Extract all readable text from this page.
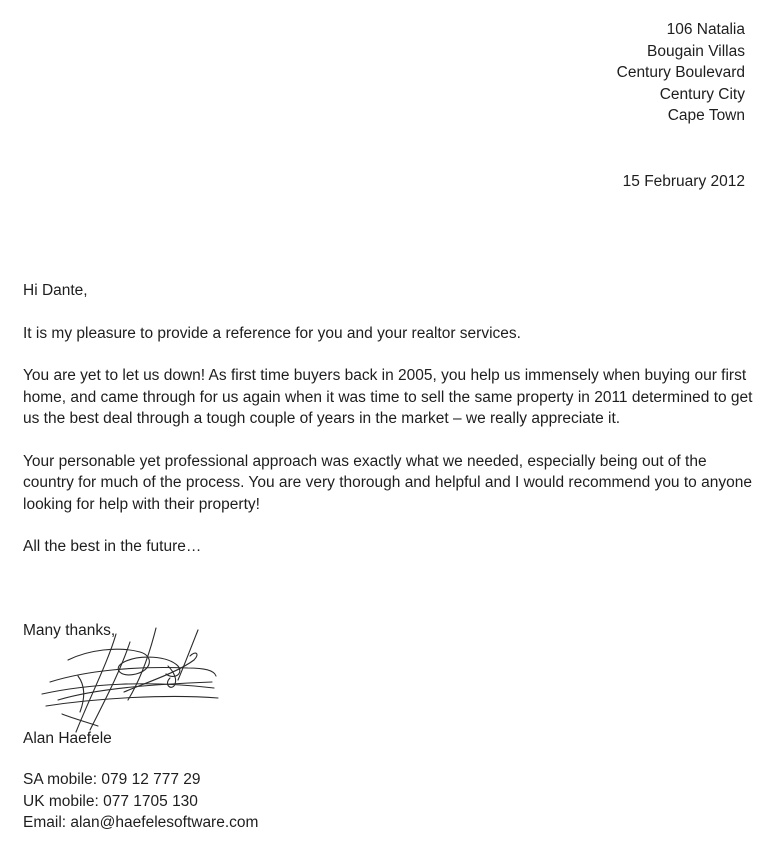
106 Natalia
Bougain Villas
Century Boulevard
Century City
Cape Town
15 February 2012

Hi Dante,

It is my pleasure to provide a reference for you and your realtor services.

You are yet to let us down! As first time buyers back in 2005, you help us immensely when buying our first home, and came through for us again when it was time to sell the same property in 2011 determined to get us the best deal through a tough couple of years in the market – we really appreciate it.

Your personable yet professional approach was exactly what we needed, especially being out of the country for much of the process. You are very thorough and helpful and I would recommend you to anyone looking for help with their property!

All the best in the future…

Many thanks,
Alan Haefele
SA mobile: 079 12 777 29
UK mobile: 077 1705 130
Email: alan@haefelesoftware.com
